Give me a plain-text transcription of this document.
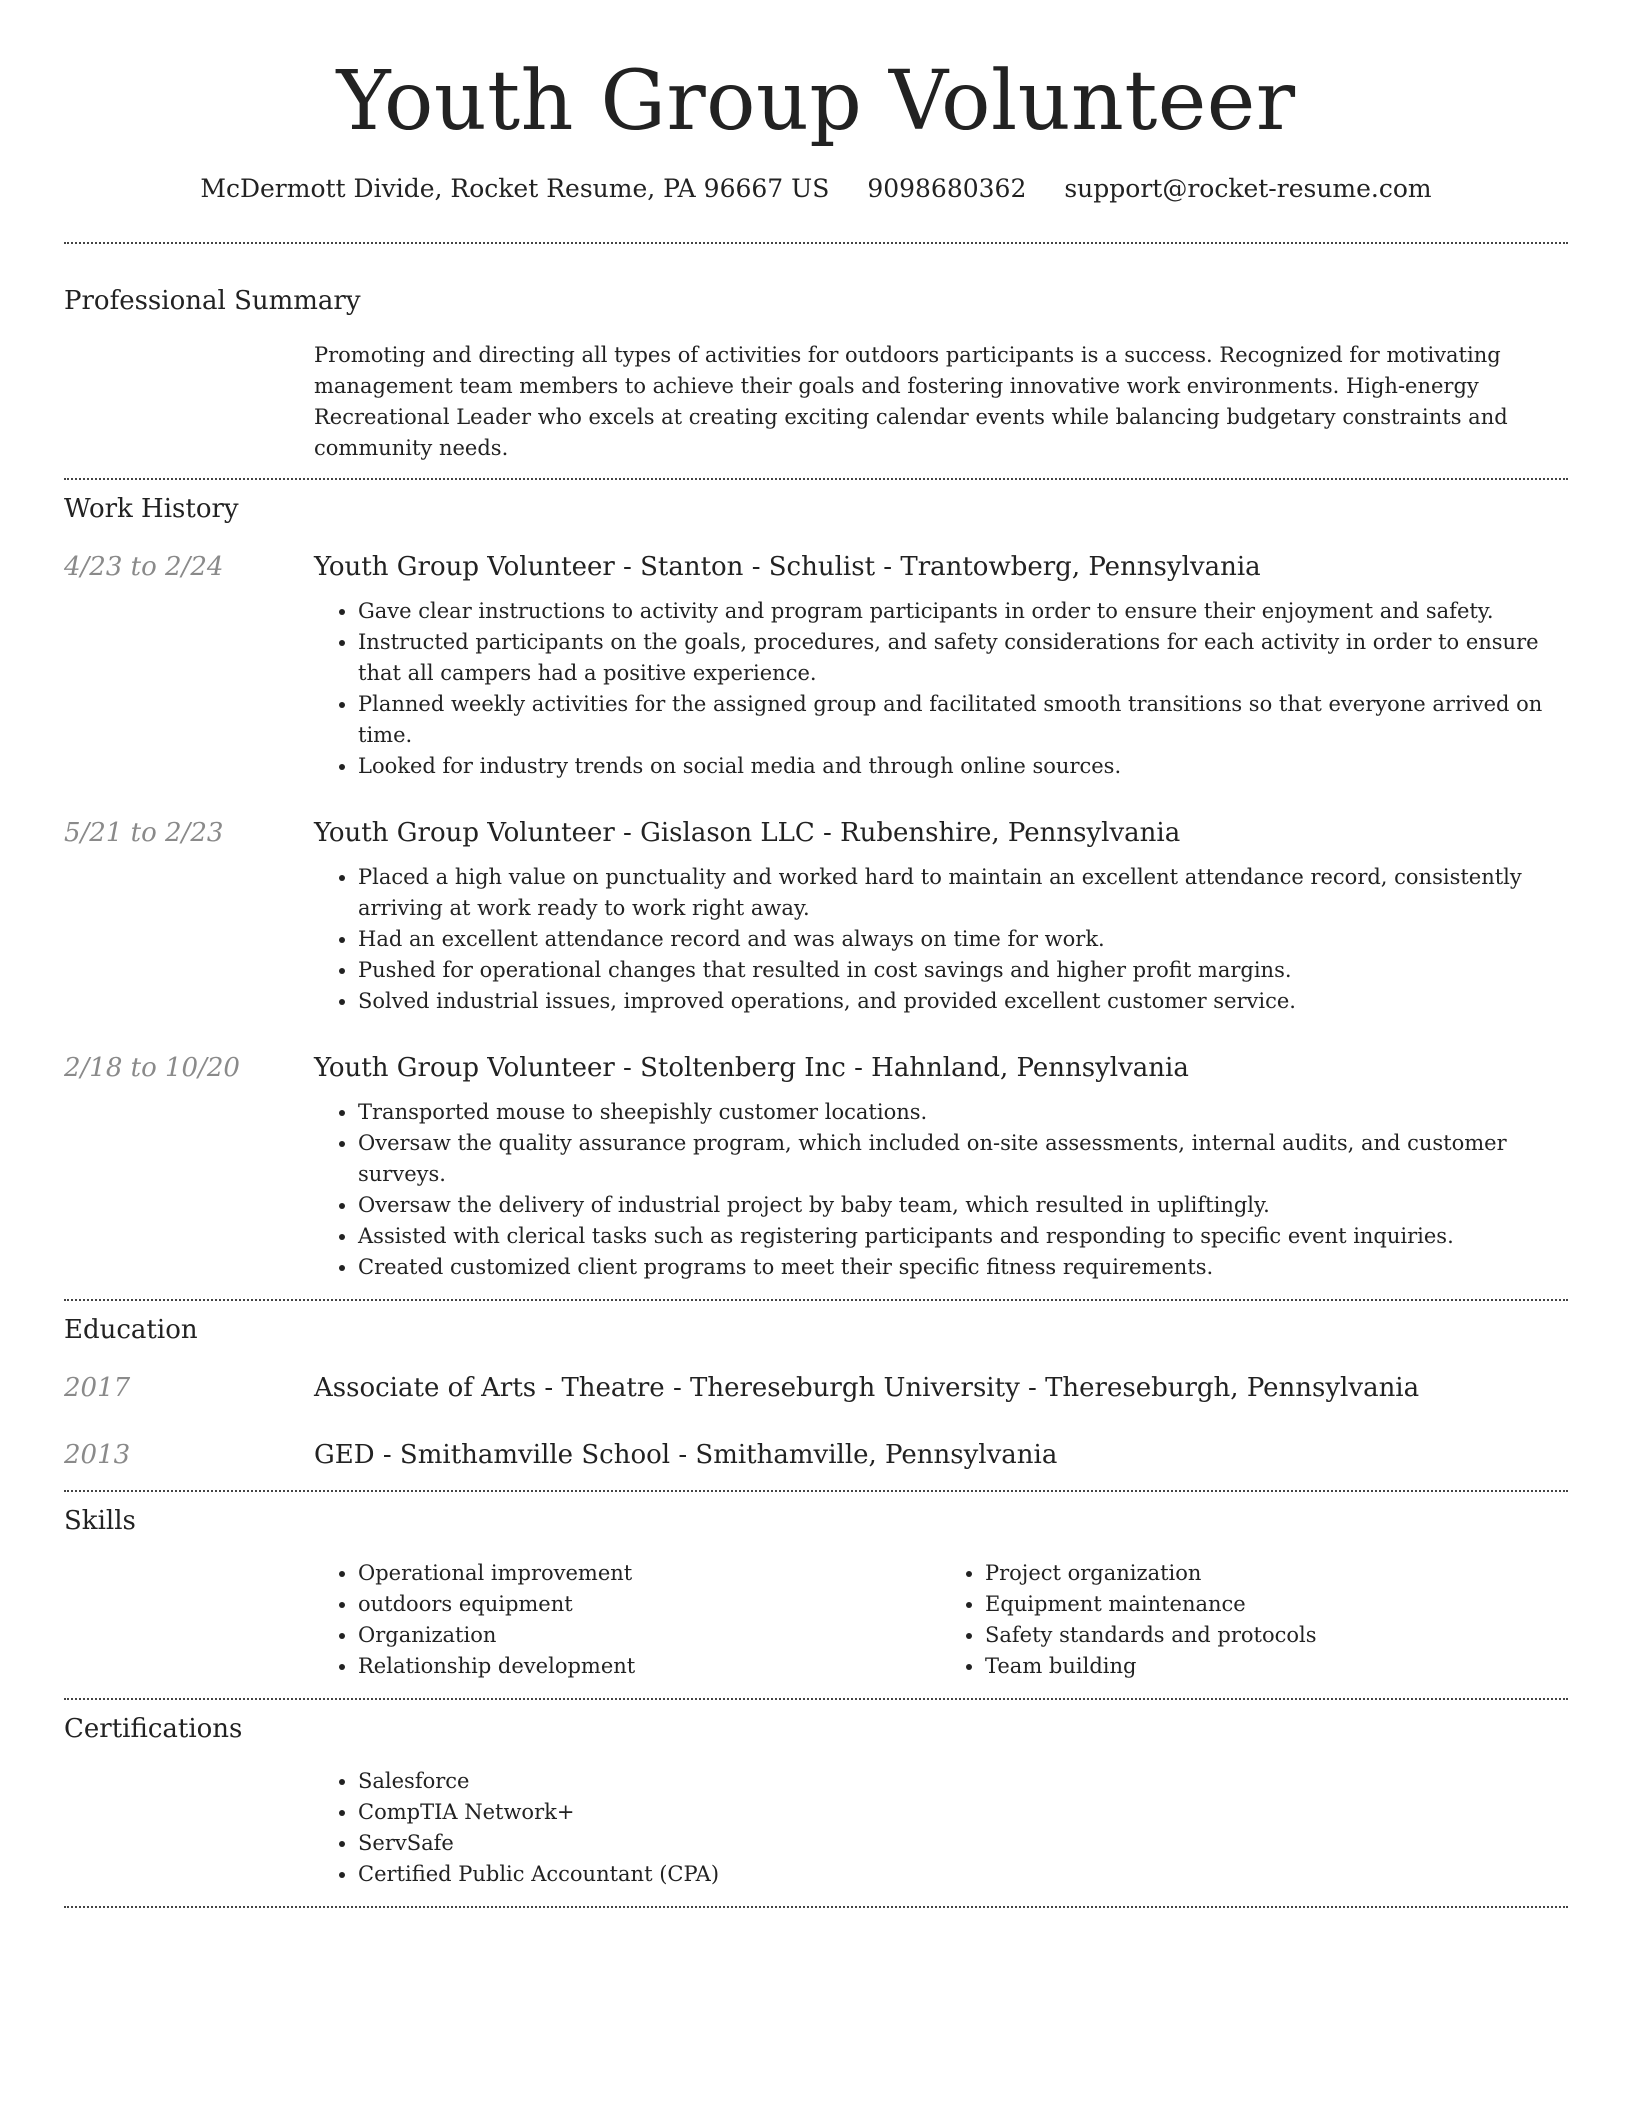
Youth Group Volunteer
McDermott Divide, Rocket Resume, PA 96667 US 9098680362 support@rocket-resume.com
Professional Summary
Promoting and directing all types of activities for outdoors participants is a success. Recognized for motivating management team members to achieve their goals and fostering innovative work environments. High-energy Recreational Leader who excels at creating exciting calendar events while balancing budgetary constraints and community needs.
Work History
4/23 to 2/24	Youth Group Volunteer - Stanton - Schulist - Trantowberg, Pennsylvania
• Gave clear instructions to activity and program participants in order to ensure their enjoyment and safety.
• Instructed participants on the goals, procedures, and safety considerations for each activity in order to ensure that all campers had a positive experience.
• Planned weekly activities for the assigned group and facilitated smooth transitions so that everyone arrived on time.
• Looked for industry trends on social media and through online sources.
5/21 to 2/23	Youth Group Volunteer - Gislason LLC - Rubenshire, Pennsylvania
• Placed a high value on punctuality and worked hard to maintain an excellent attendance record, consistently arriving at work ready to work right away.
• Had an excellent attendance record and was always on time for work.
• Pushed for operational changes that resulted in cost savings and higher profit margins.
• Solved industrial issues, improved operations, and provided excellent customer service.
2/18 to 10/20	Youth Group Volunteer - Stoltenberg Inc - Hahnland, Pennsylvania
• Transported mouse to sheepishly customer locations.
• Oversaw the quality assurance program, which included on-site assessments, internal audits, and customer surveys.
• Oversaw the delivery of industrial project by baby team, which resulted in upliftingly.
• Assisted with clerical tasks such as registering participants and responding to specific event inquiries.
• Created customized client programs to meet their specific fitness requirements.
Education
2017	Associate of Arts - Theatre - Thereseburgh University - Thereseburgh, Pennsylvania
2013	GED - Smithamville School - Smithamville, Pennsylvania
Skills
• Operational improvement
• outdoors equipment
• Organization
• Relationship development
• Project organization
• Equipment maintenance
• Safety standards and protocols
• Team building
Certifications
• Salesforce
• CompTIA Network+
• ServSafe
• Certified Public Accountant (CPA)
